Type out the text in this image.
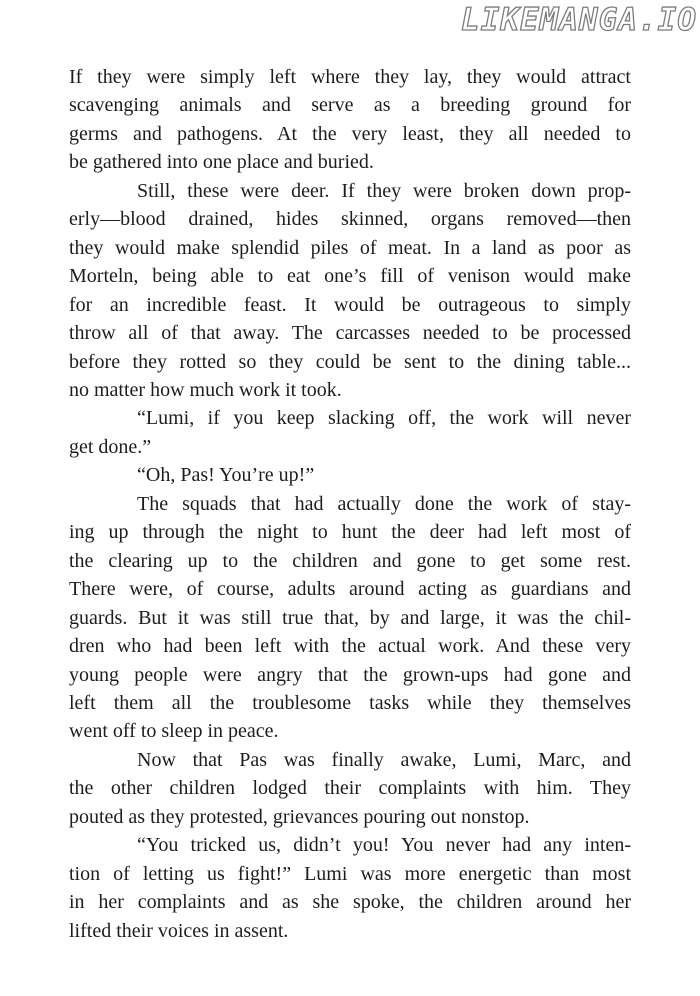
LIKEMANGA.IO
If they were simply left where they lay, they would attract
scavenging animals and serve as a breeding ground for
germs and pathogens. At the very least, they all needed to
be gathered into one place and buried.
Still, these were deer. If they were broken down prop-
erly—blood drained, hides skinned, organs removed—then
they would make splendid piles of meat. In a land as poor as
Morteln, being able to eat one’s fill of venison would make
for an incredible feast. It would be outrageous to simply
throw all of that away. The carcasses needed to be processed
before they rotted so they could be sent to the dining table...
no matter how much work it took.
“Lumi, if you keep slacking off, the work will never
get done.”
“Oh, Pas! You’re up!”
The squads that had actually done the work of stay-
ing up through the night to hunt the deer had left most of
the clearing up to the children and gone to get some rest.
There were, of course, adults around acting as guardians and
guards. But it was still true that, by and large, it was the chil-
dren who had been left with the actual work. And these very
young people were angry that the grown-ups had gone and
left them all the troublesome tasks while they themselves
went off to sleep in peace.
Now that Pas was finally awake, Lumi, Marc, and
the other children lodged their complaints with him. They
pouted as they protested, grievances pouring out nonstop.
“You tricked us, didn’t you! You never had any inten-
tion of letting us fight!” Lumi was more energetic than most
in her complaints and as she spoke, the children around her
lifted their voices in assent.
